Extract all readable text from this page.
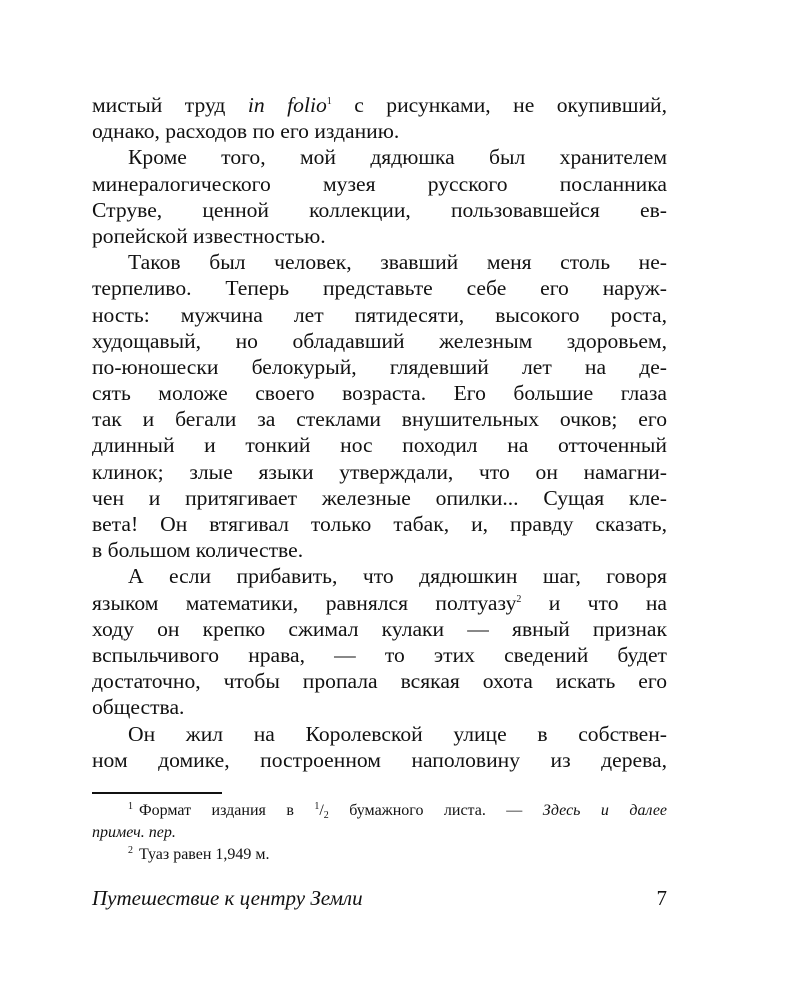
мистый труд in folio$^1$ с рисунками, не окупивший,
однако, расходов по его изданию.
Кроме того, мой дядюшка был хранителем
минералогического музея русского посланника
Струве, ценной коллекции, пользовавшейся ев-
ропейской известностью.
Таков был человек, звавший меня столь не-
терпеливо. Теперь представьте себе его наруж-
ность: мужчина лет пятидесяти, высокого роста,
худощавый, но обладавший железным здоровьем,
по-юношески белокурый, глядевший лет на де-
сять моложе своего возраста. Его большие глаза
так и бегали за стеклами внушительных очков; его
длинный и тонкий нос походил на отточенный
клинок; злые языки утверждали, что он намагни-
чен и притягивает железные опилки... Сущая кле-
вета! Он втягивал только табак, и, правду сказать,
в большом количестве.
А если прибавить, что дядюшкин шаг, говоря
языком математики, равнялся полтуазу$^2$ и что на
ходу он крепко сжимал кулаки — явный признак
вспыльчивого нрава, — то этих сведений будет
достаточно, чтобы пропала всякая охота искать его
общества.
Он жил на Королевской улице в собствен-
ном домике, построенном наполовину из дерева,
$^1$ Формат издания в $^1$/2 бумажного листа. — Здесь и далее
примеч. пер.
$^2$ Туаз равен 1,949 м.
Путешествие к центру Земли	7
